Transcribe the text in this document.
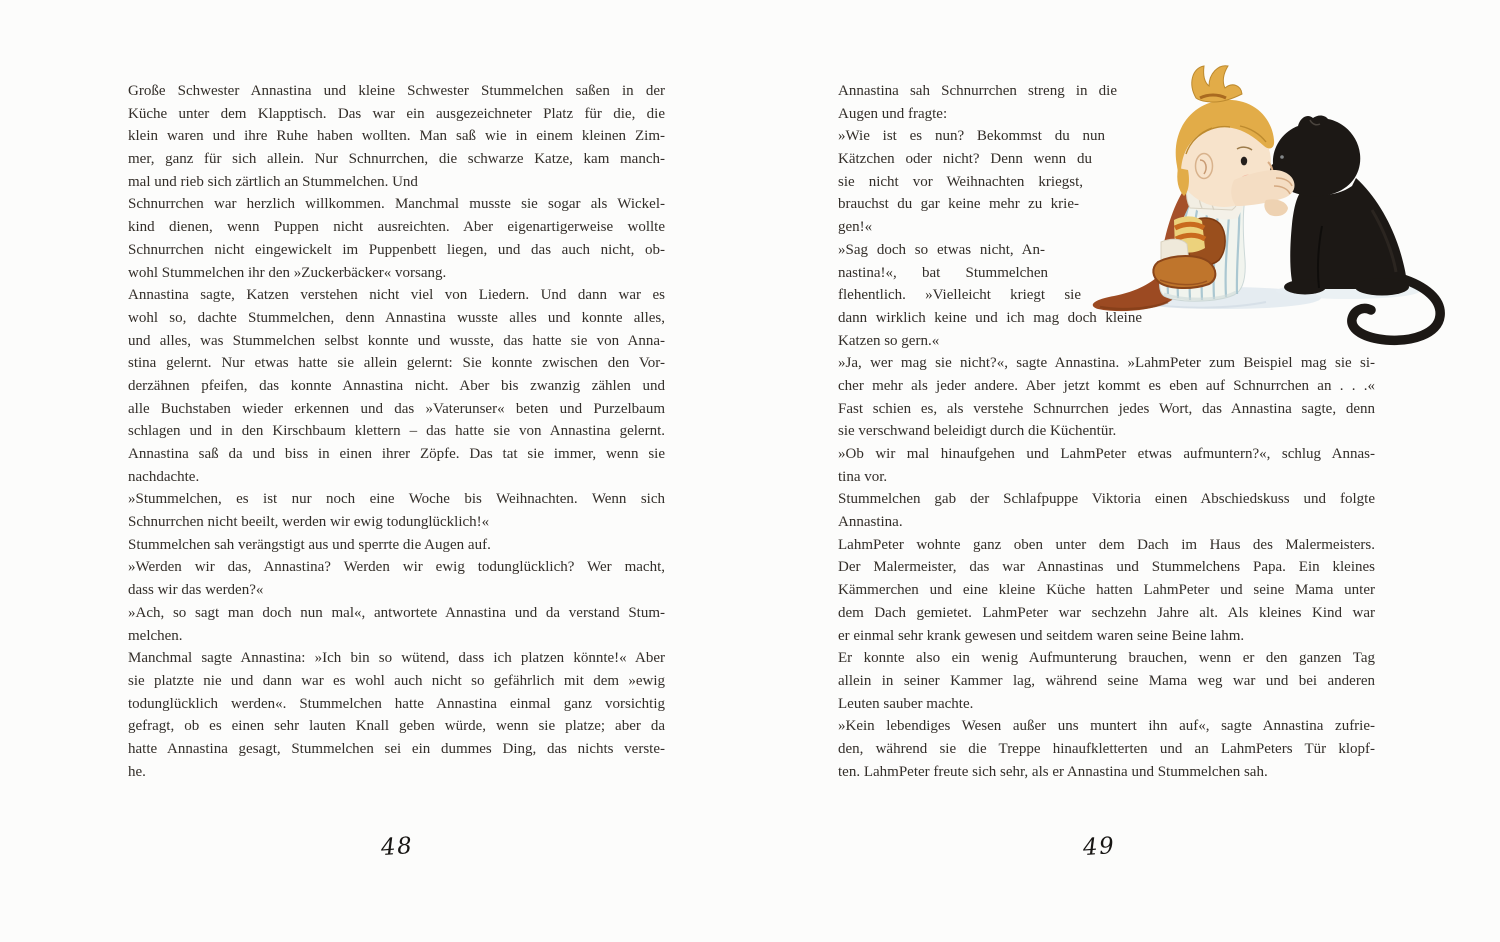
Große Schwester Annastina und kleine Schwester Stummelchen saßen in der
Küche unter dem Klapptisch. Das war ein ausgezeichneter Platz für die, die
klein waren und ihre Ruhe haben wollten. Man saß wie in einem kleinen Zim-
mer, ganz für sich allein. Nur Schnurrchen, die schwarze Katze, kam manch-
mal und rieb sich zärtlich an Stummelchen. Und
Schnurrchen war herzlich willkommen. Manchmal musste sie sogar als Wickel-
kind dienen, wenn Puppen nicht ausreichten. Aber eigenartigerweise wollte
Schnurrchen nicht eingewickelt im Puppenbett liegen, und das auch nicht, ob-
wohl Stummelchen ihr den »Zuckerbäcker« vorsang.
Annastina sagte, Katzen verstehen nicht viel von Liedern. Und dann war es
wohl so, dachte Stummelchen, denn Annastina wusste alles und konnte alles,
und alles, was Stummelchen selbst konnte und wusste, das hatte sie von Anna-
stina gelernt. Nur etwas hatte sie allein gelernt: Sie konnte zwischen den Vor-
derzähnen pfeifen, das konnte Annastina nicht. Aber bis zwanzig zählen und
alle Buchstaben wieder erkennen und das »Vaterunser« beten und Purzelbaum
schlagen und in den Kirschbaum klettern – das hatte sie von Annastina gelernt.
Annastina saß da und biss in einen ihrer Zöpfe. Das tat sie immer, wenn sie
nachdachte.
»Stummelchen, es ist nur noch eine Woche bis Weihnachten. Wenn sich
Schnurrchen nicht beeilt, werden wir ewig todunglücklich!«
Stummelchen sah verängstigt aus und sperrte die Augen auf.
»Werden wir das, Annastina? Werden wir ewig todunglücklich? Wer macht,
dass wir das werden?«
»Ach, so sagt man doch nun mal«, antwortete Annastina und da verstand Stum-
melchen.
Manchmal sagte Annastina: »Ich bin so wütend, dass ich platzen könnte!« Aber
sie platzte nie und dann war es wohl auch nicht so gefährlich mit dem »ewig
todunglücklich werden«. Stummelchen hatte Annastina einmal ganz vorsichtig
gefragt, ob es einen sehr lauten Knall geben würde, wenn sie platze; aber da
hatte Annastina gesagt, Stummelchen sei ein dummes Ding, das nichts verste-
he.
48
Annastina sah Schnurrchen streng in die
Augen und fragte:
»Wie ist es nun? Bekommst du nun
Kätzchen oder nicht? Denn wenn du
sie nicht vor Weihnachten kriegst,
brauchst du gar keine mehr zu krie-
gen!«
»Sag doch so etwas nicht, An-
nastina!«, bat Stummelchen
flehentlich. »Vielleicht kriegt sie
dann wirklich keine und ich mag doch kleine
Katzen so gern.«
»Ja, wer mag sie nicht?«, sagte Annastina. »LahmPeter zum Beispiel mag sie si-
cher mehr als jeder andere. Aber jetzt kommt es eben auf Schnurrchen an . . .«
Fast schien es, als verstehe Schnurrchen jedes Wort, das Annastina sagte, denn
sie verschwand beleidigt durch die Küchentür.
»Ob wir mal hinaufgehen und LahmPeter etwas aufmuntern?«, schlug Annas-
tina vor.
Stummelchen gab der Schlafpuppe Viktoria einen Abschiedskuss und folgte
Annastina.
LahmPeter wohnte ganz oben unter dem Dach im Haus des Malermeisters.
Der Malermeister, das war Annastinas und Stummelchens Papa. Ein kleines
Kämmerchen und eine kleine Küche hatten LahmPeter und seine Mama unter
dem Dach gemietet. LahmPeter war sechzehn Jahre alt. Als kleines Kind war
er einmal sehr krank gewesen und seitdem waren seine Beine lahm.
Er konnte also ein wenig Aufmunterung brauchen, wenn er den ganzen Tag
allein in seiner Kammer lag, während seine Mama weg war und bei anderen
Leuten sauber machte.
»Kein lebendiges Wesen außer uns muntert ihn auf«, sagte Annastina zufrie-
den, während sie die Treppe hinaufkletterten und an LahmPeters Tür klopf-
ten. LahmPeter freute sich sehr, als er Annastina und Stummelchen sah.
49
